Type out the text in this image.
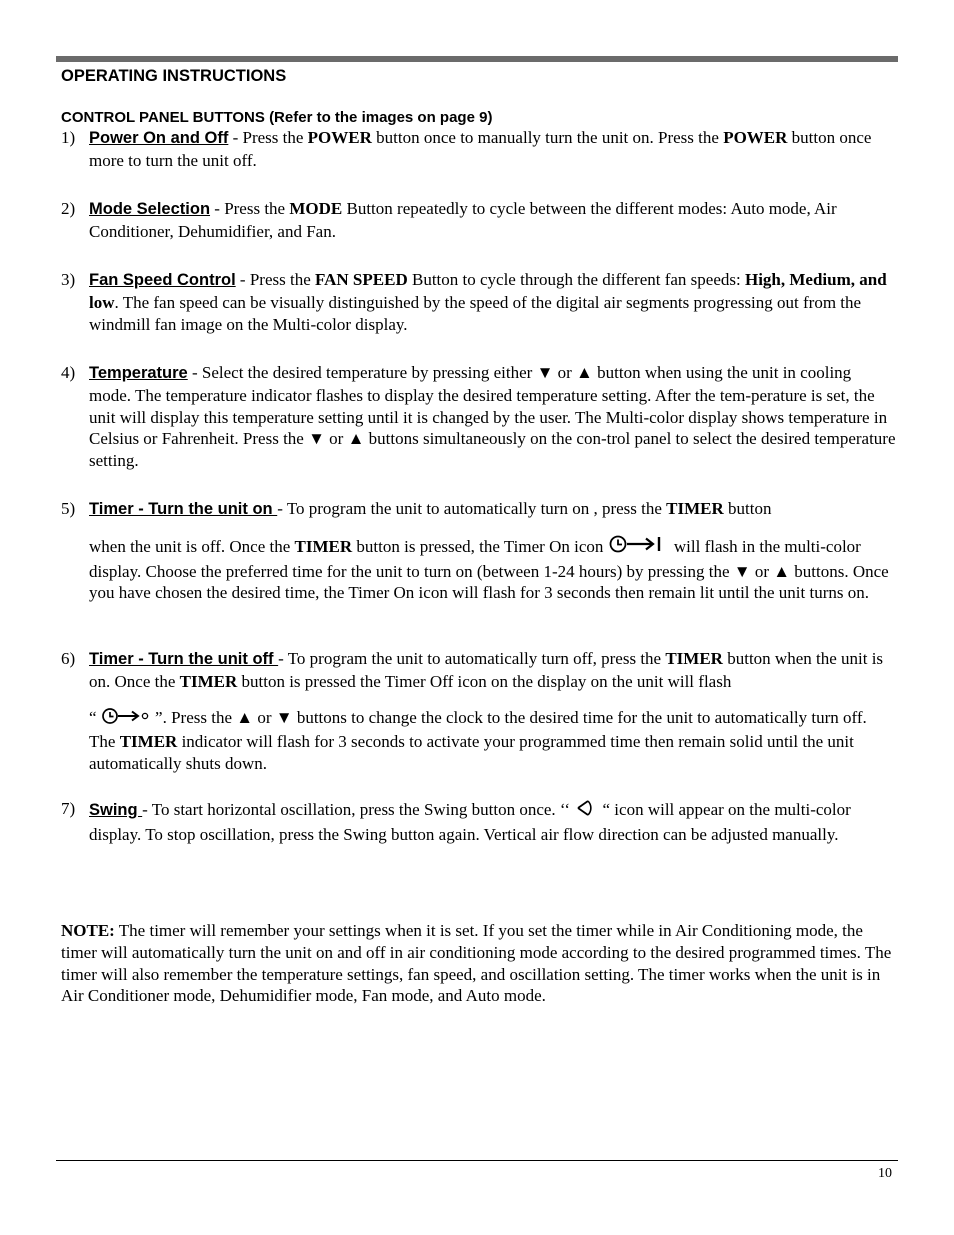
OPERATING INSTRUCTIONS
CONTROL PANEL BUTTONS (Refer to the images on page 9)
1) Power On and Off - Press the POWER button once to manually turn the unit on. Press the POWER button once more to turn the unit off.
2) Mode Selection - Press the MODE Button repeatedly to cycle between the different modes: Auto mode, Air Conditioner, Dehumidifier, and Fan.
3) Fan Speed Control - Press the FAN SPEED Button to cycle through the different fan speeds: High, Medium, and low. The fan speed can be visually distinguished by the speed of the digital air segments progressing out from the windmill fan image on the Multi-color display.
4) Temperature - Select the desired temperature by pressing either ▼ or ▲ button when using the unit in cooling mode. The temperature indicator flashes to display the desired temperature setting. After the tem-perature is set, the unit will display this temperature setting until it is changed by the user. The Multi-color display shows temperature in Celsius or Fahrenheit. Press the ▼ or ▲ buttons simultaneously on the con-trol panel to select the desired temperature setting.
5) Timer - Turn the unit on - To program the unit to automatically turn on , press the TIMER button
when the unit is off. Once the TIMER button is pressed, the Timer On icon	will flash in the multi-color display. Choose the preferred time for the unit to turn on (between 1-24 hours) by pressing the ▼ or ▲ buttons. Once you have chosen the desired time, the Timer On icon will flash for 3 seconds then remain lit until the unit turns on.
6) Timer - Turn the unit off - To program the unit to automatically turn off, press the TIMER button when the unit is on. Once the TIMER button is pressed the Timer Off icon on the display on the unit will flash
“	”. Press the ▲ or ▼ buttons to change the clock to the desired time for the unit to automatically turn off. The TIMER indicator will flash for 3 seconds to activate your programmed time then remain solid until the unit automatically shuts down.
7) Swing - To start horizontal oscillation, press the Swing button once. ‘‘  “ icon will appear on the multi-color display. To stop oscillation, press the Swing button again. Vertical air flow direction can be adjusted manually.
NOTE: The timer will remember your settings when it is set. If you set the timer while in Air Conditioning mode, the timer will automatically turn the unit on and off in air conditioning mode according to the desired programmed times. The timer will also remember the temperature settings, fan speed, and oscillation setting. The timer works when the unit is in Air Conditioner mode, Dehumidifier mode, Fan mode, and Auto mode.
10
